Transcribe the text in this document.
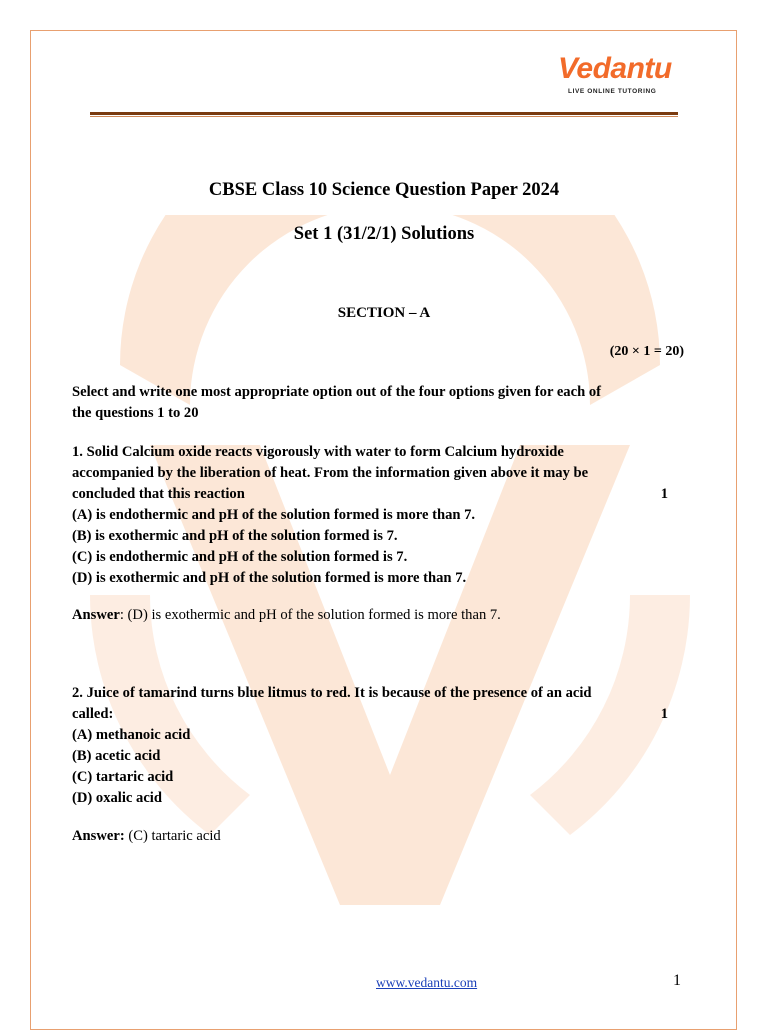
Vedantu
LIVE ONLINE TUTORING
CBSE Class 10 Science Question Paper 2024
Set 1 (31/2/1) Solutions
SECTION – A
(20 × 1 = 20)
Select and write one most appropriate option out of the four options given for each of
the questions 1 to 20
1. Solid Calcium oxide reacts vigorously with water to form Calcium hydroxide
accompanied by the liberation of heat. From the information given above it may be
concluded that this reaction	1
(A) is endothermic and pH of the solution formed is more than 7.
(B) is exothermic and pH of the solution formed is 7.
(C) is endothermic and pH of the solution formed is 7.
(D) is exothermic and pH of the solution formed is more than 7.
Answer: (D) is exothermic and pH of the solution formed is more than 7.
2. Juice of tamarind turns blue litmus to red. It is because of the presence of an acid
called:	1
(A) methanoic acid
(B) acetic acid
(C) tartaric acid
(D) oxalic acid
Answer: (C) tartaric acid
www.vedantu.com	1
